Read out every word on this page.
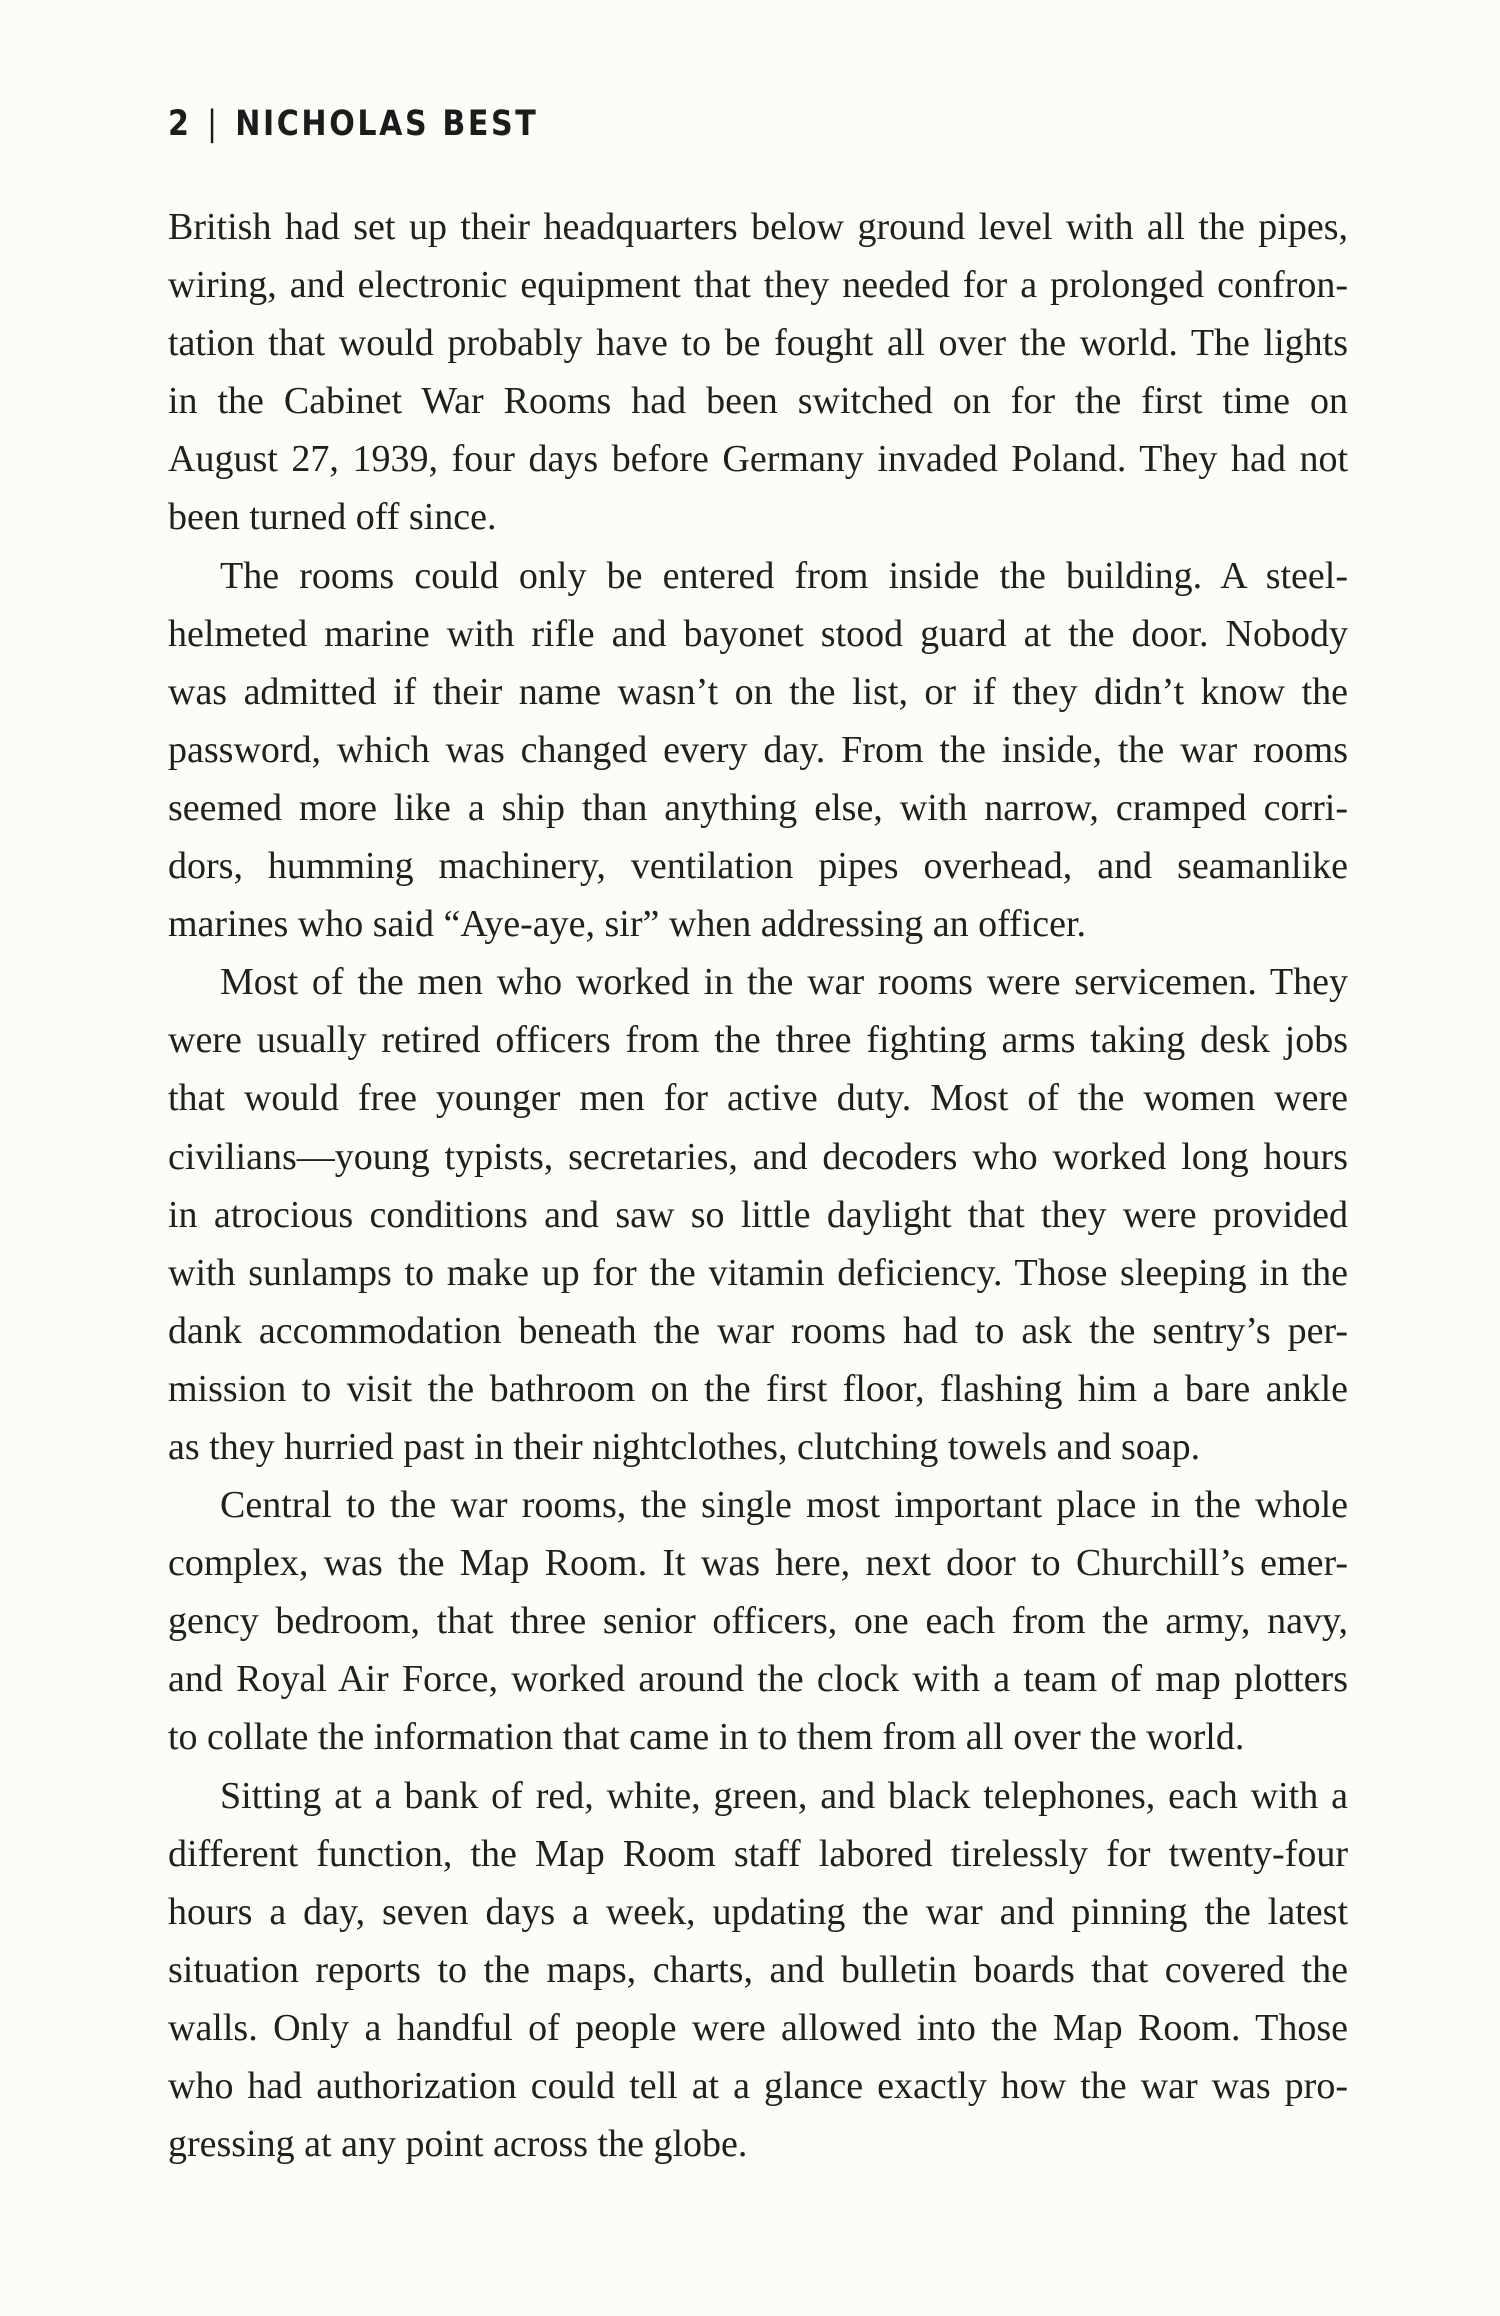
2 | NICHOLAS BEST
British had set up their headquarters below ground level with all the pipes,
wiring, and electronic equipment that they needed for a prolonged confron-
tation that would probably have to be fought all over the world. The lights
in the Cabinet War Rooms had been switched on for the first time on
August 27, 1939, four days before Germany invaded Poland. They had not
been turned off since.
The rooms could only be entered from inside the building. A steel-
helmeted marine with rifle and bayonet stood guard at the door. Nobody
was admitted if their name wasn’t on the list, or if they didn’t know the
password, which was changed every day. From the inside, the war rooms
seemed more like a ship than anything else, with narrow, cramped corri-
dors, humming machinery, ventilation pipes overhead, and seamanlike
marines who said “Aye-aye, sir” when addressing an officer.
Most of the men who worked in the war rooms were servicemen. They
were usually retired officers from the three fighting arms taking desk jobs
that would free younger men for active duty. Most of the women were
civilians—young typists, secretaries, and decoders who worked long hours
in atrocious conditions and saw so little daylight that they were provided
with sunlamps to make up for the vitamin deficiency. Those sleeping in the
dank accommodation beneath the war rooms had to ask the sentry’s per-
mission to visit the bathroom on the first floor, flashing him a bare ankle
as they hurried past in their nightclothes, clutching towels and soap.
Central to the war rooms, the single most important place in the whole
complex, was the Map Room. It was here, next door to Churchill’s emer-
gency bedroom, that three senior officers, one each from the army, navy,
and Royal Air Force, worked around the clock with a team of map plotters
to collate the information that came in to them from all over the world.
Sitting at a bank of red, white, green, and black telephones, each with a
different function, the Map Room staff labored tirelessly for twenty-four
hours a day, seven days a week, updating the war and pinning the latest
situation reports to the maps, charts, and bulletin boards that covered the
walls. Only a handful of people were allowed into the Map Room. Those
who had authorization could tell at a glance exactly how the war was pro-
gressing at any point across the globe.
